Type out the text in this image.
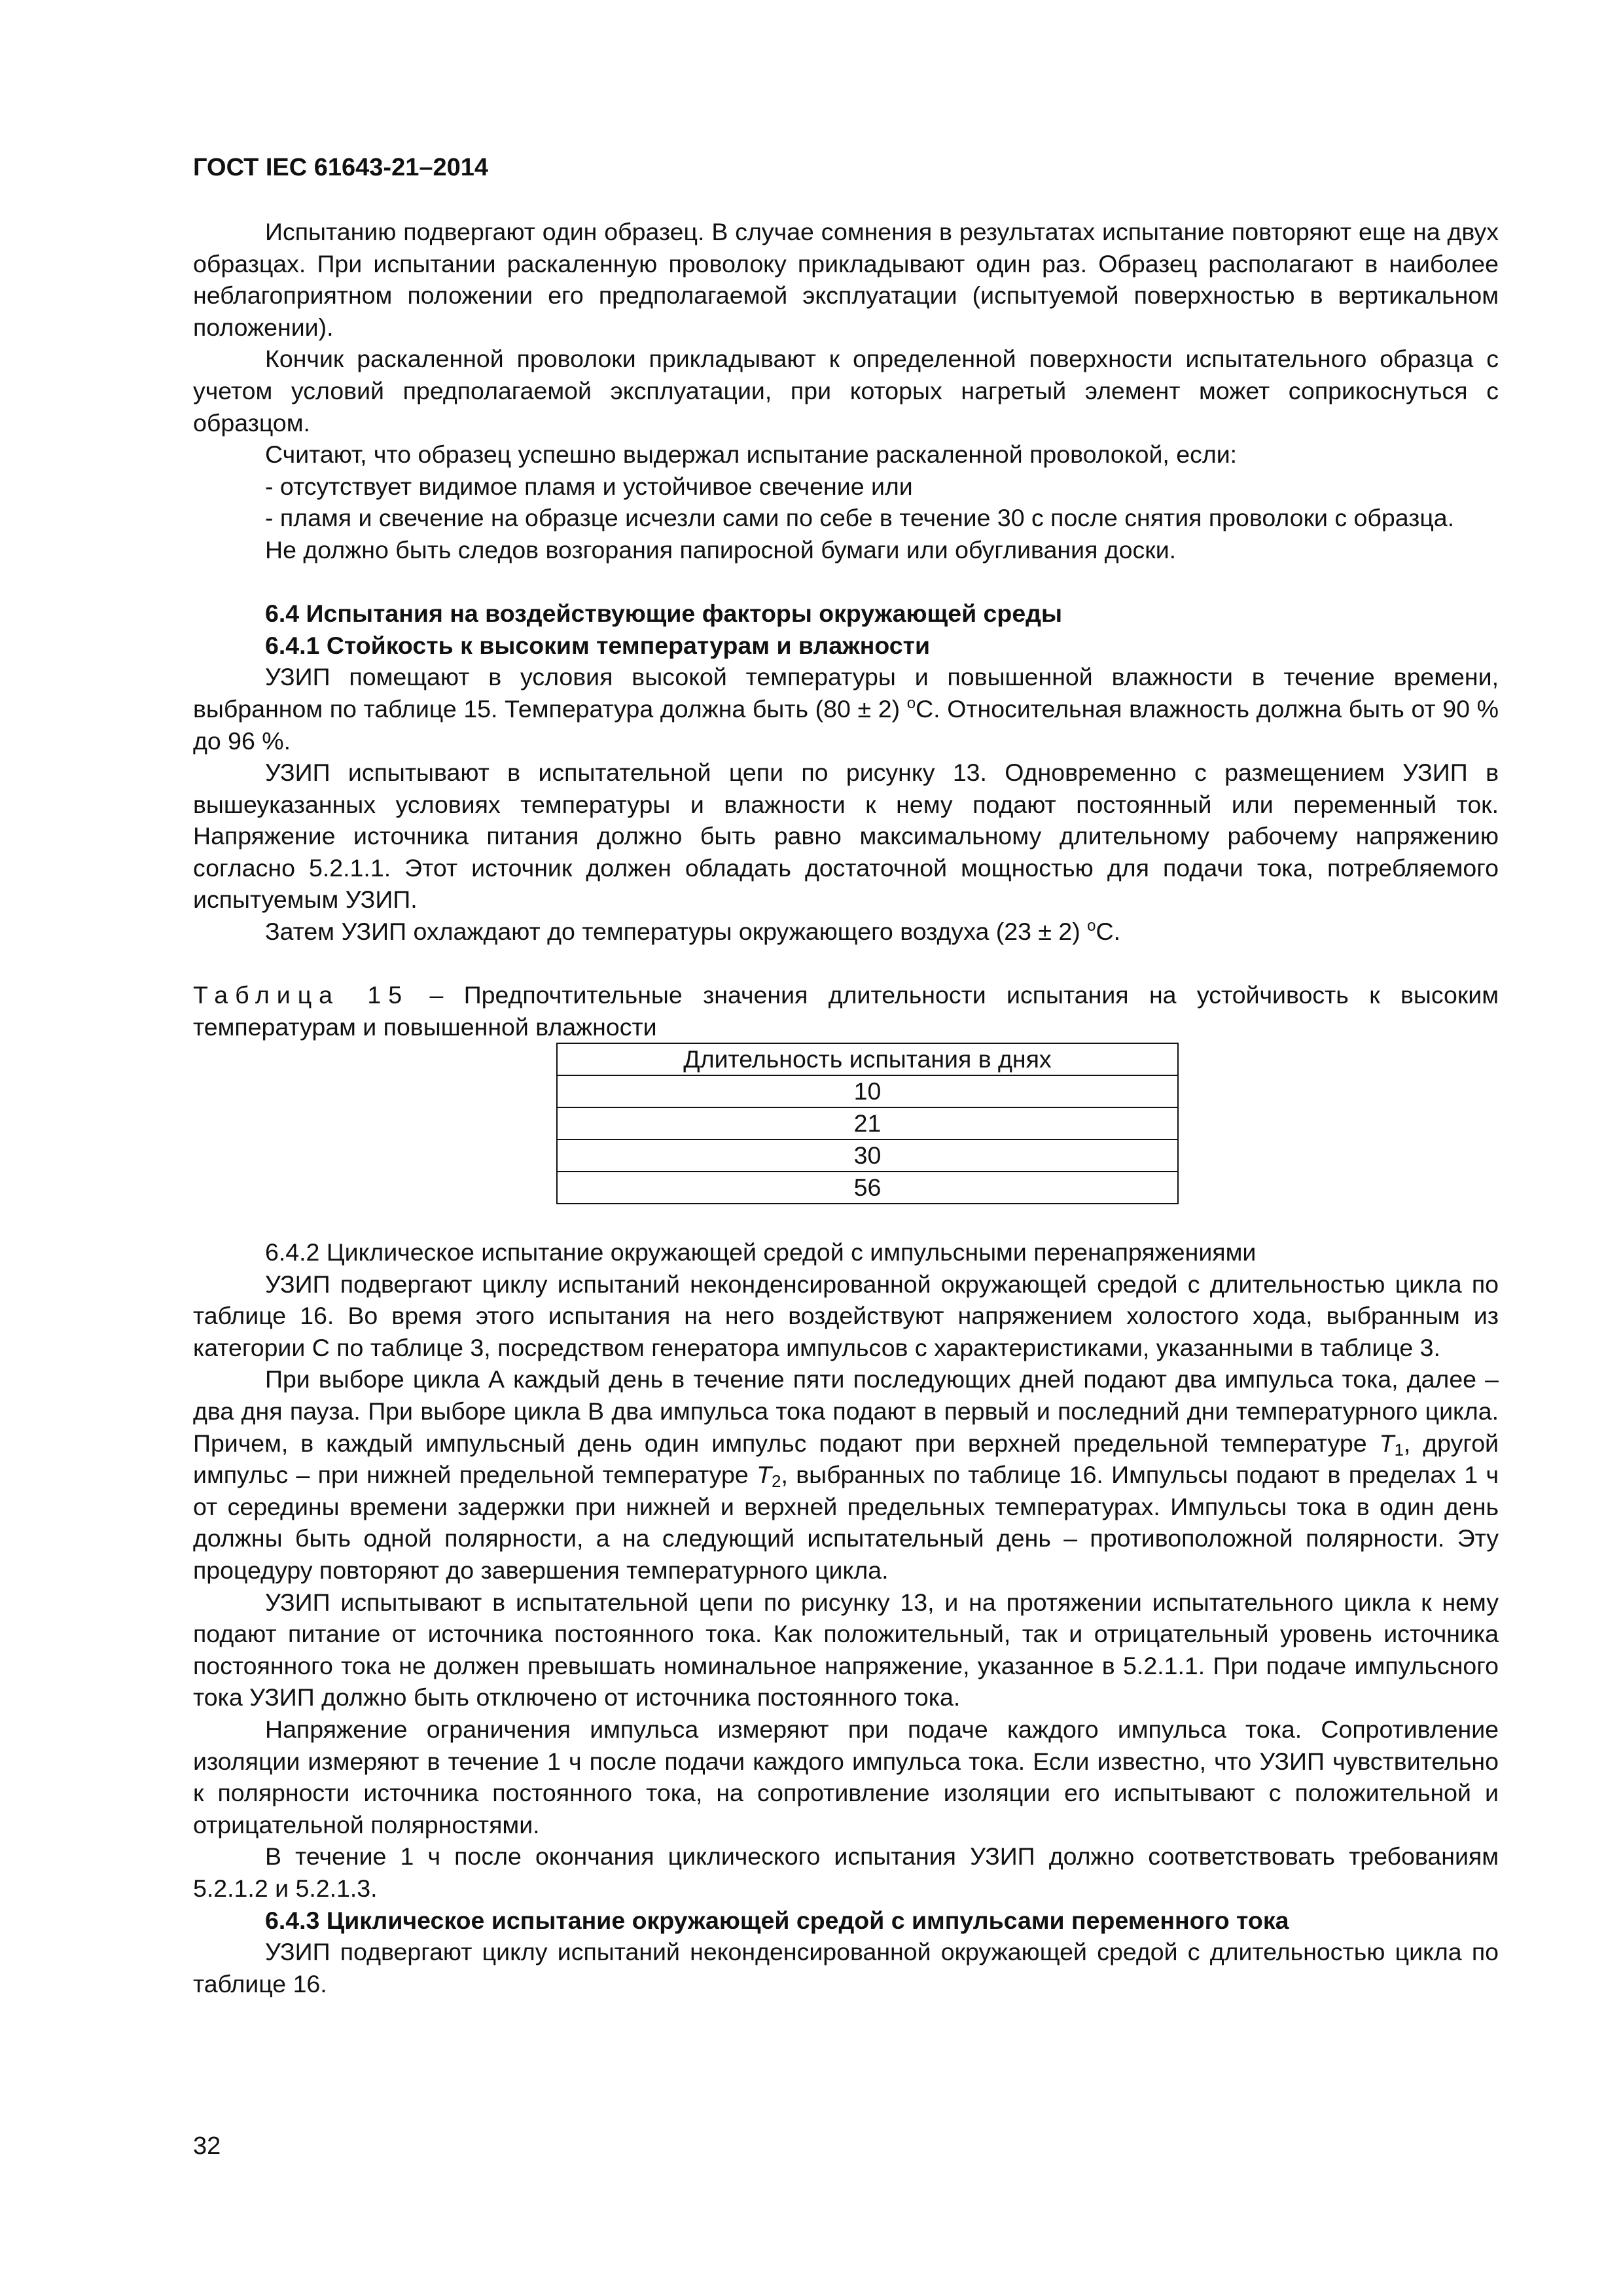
ГОСТ IEC 61643-21–2014

Испытанию подвергают один образец. В случае сомнения в результатах испытание повторяют еще на двух образцах. При испытании раскаленную проволоку прикладывают один раз. Образец располагают в наиболее неблагоприятном положении его предполагаемой эксплуатации (испытуемой поверхностью в вертикальном положении).

Кончик раскаленной проволоки прикладывают к определенной поверхности испытательного образца с учетом условий предполагаемой эксплуатации, при которых нагретый элемент может соприкоснуться с образцом.

Считают, что образец успешно выдержал испытание раскаленной проволокой, если:

- отсутствует видимое пламя и устойчивое свечение или

- пламя и свечение на образце исчезли сами по себе в течение 30 с после снятия проволоки с образца.

Не должно быть следов возгорания папиросной бумаги или обугливания доски.

6.4 Испытания на воздействующие факторы окружающей среды

6.4.1 Стойкость к высоким температурам и влажности

УЗИП помещают в условия высокой температуры и повышенной влажности в течение времени, выбранном по таблице 15. Температура должна быть (80 ± 2) $^o$С. Относительная влажность должна быть от 90 % до 96 %.

УЗИП испытывают в испытательной цепи по рисунку 13. Одновременно с размещением УЗИП в вышеуказанных условиях температуры и влажности к нему подают постоянный или переменный ток. Напряжение источника питания должно быть равно максимальному длительному рабочему напряжению согласно 5.2.1.1. Этот источник должен обладать достаточной мощностью для подачи тока, потребляемого испытуемым УЗИП.

Затем УЗИП охлаждают до температуры окружающего воздуха (23 ± 2) $^o$С.

Таблица 15 – Предпочтительные значения длительности испытания на устойчивость к высоким температурам и повышенной влажности

Длительность испытания в днях
10
21
30
56

6.4.2 Циклическое испытание окружающей средой с импульсными перенапряжениями

УЗИП подвергают циклу испытаний неконденсированной окружающей средой с длительностью цикла по таблице 16. Во время этого испытания на него воздействуют напряжением холостого хода, выбранным из категории С по таблице 3, посредством генератора импульсов с характеристиками, указанными в таблице 3.

При выборе цикла А каждый день в течение пяти последующих дней подают два импульса тока, далее – два дня пауза. При выборе цикла В два импульса тока подают в первый и последний дни температурного цикла. Причем, в каждый импульсный день один импульс подают при верхней предельной температуре $T_1$, другой импульс – при нижней предельной температуре $T_2$, выбранных по таблице 16. Импульсы подают в пределах 1 ч от середины времени задержки при нижней и верхней предельных температурах. Импульсы тока в один день должны быть одной полярности, а на следующий испытательный день – противоположной полярности. Эту процедуру повторяют до завершения температурного цикла.

УЗИП испытывают в испытательной цепи по рисунку 13, и на протяжении испытательного цикла к нему подают питание от источника постоянного тока. Как положительный, так и отрицательный уровень источника постоянного тока не должен превышать номинальное напряжение, указанное в 5.2.1.1. При подаче импульсного тока УЗИП должно быть отключено от источника постоянного тока.

Напряжение ограничения импульса измеряют при подаче каждого импульса тока. Сопротивление изоляции измеряют в течение 1 ч после подачи каждого импульса тока. Если известно, что УЗИП чувствительно к полярности источника постоянного тока, на сопротивление изоляции его испытывают с положительной и отрицательной полярностями.

В течение 1 ч после окончания циклического испытания УЗИП должно соответствовать требованиям 5.2.1.2 и 5.2.1.3.

6.4.3 Циклическое испытание окружающей средой с импульсами переменного тока

УЗИП подвергают циклу испытаний неконденсированной окружающей средой с длительностью цикла по таблице 16.

32
